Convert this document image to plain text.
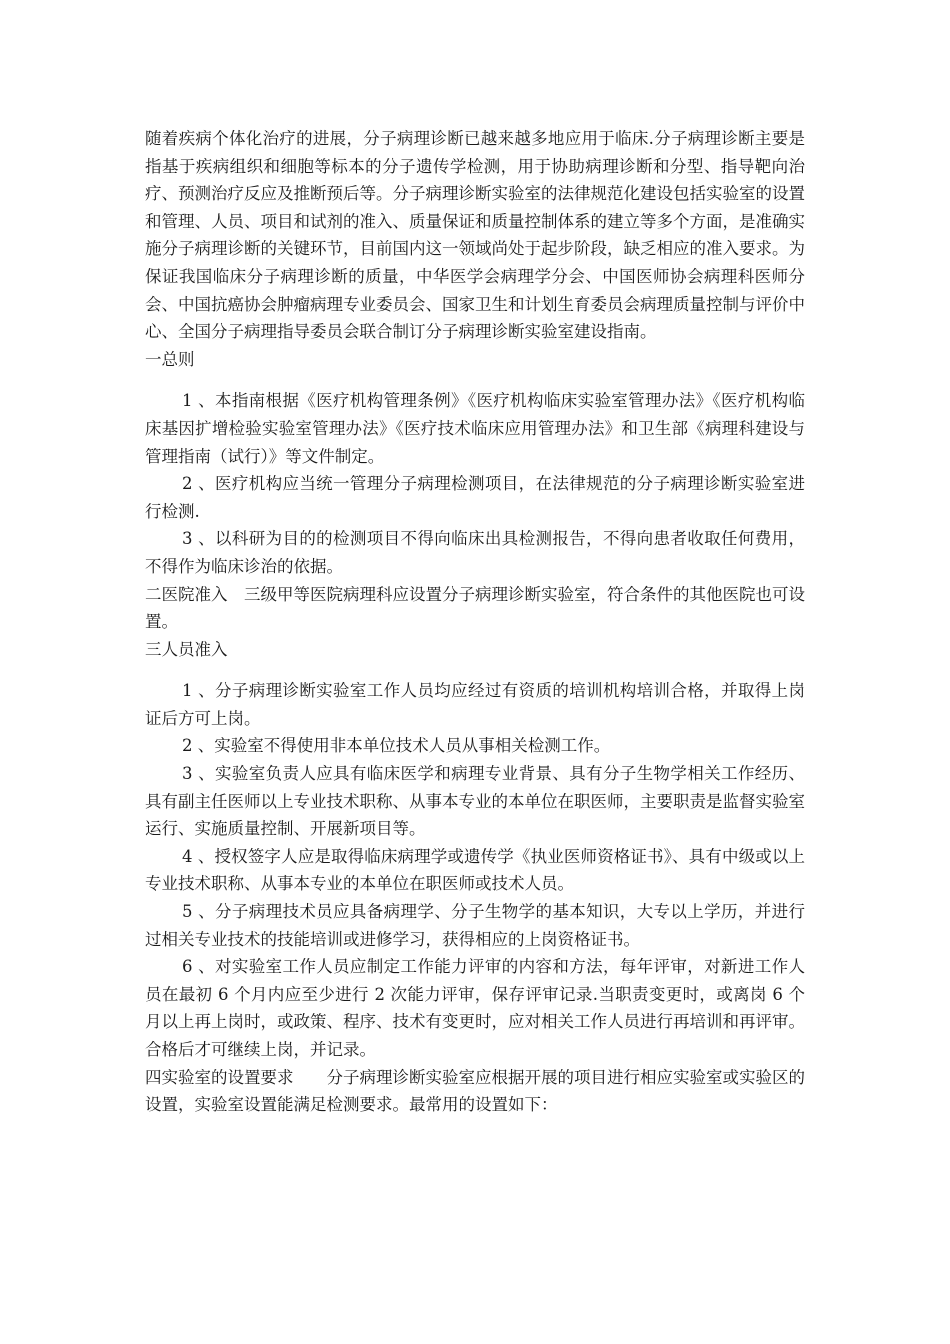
随着疾病个体化治疗的进展，分子病理诊断已越来越多地应用于临床.分子病理诊断主要是指基于疾病组织和细胞等标本的分子遗传学检测，用于协助病理诊断和分型、指导靶向治疗、预测治疗反应及推断预后等。分子病理诊断实验室的法律规范化建设包括实验室的设置和管理、人员、项目和试剂的准入、质量保证和质量控制体系的建立等多个方面，是准确实施分子病理诊断的关键环节，目前国内这一领域尚处于起步阶段，缺乏相应的准入要求。为保证我国临床分子病理诊断的质量，中华医学会病理学分会、中国医师协会病理科医师分会、中国抗癌协会肿瘤病理专业委员会、国家卫生和计划生育委员会病理质量控制与评价中心、全国分子病理指导委员会联合制订分子病理诊断实验室建设指南。

一总则

1 、本指南根据《医疗机构管理条例》《医疗机构临床实验室管理办法》《医疗机构临床基因扩增检验实验室管理办法》《医疗技术临床应用管理办法》和卫生部《病理科建设与管理指南（试行）》等文件制定。

2 、医疗机构应当统一管理分子病理检测项目，在法律规范的分子病理诊断实验室进行检测.

3 、以科研为目的的检测项目不得向临床出具检测报告，不得向患者收取任何费用，不得作为临床诊治的依据。

二医院准入　三级甲等医院病理科应设置分子病理诊断实验室，符合条件的其他医院也可设置。

三人员准入

1 、分子病理诊断实验室工作人员均应经过有资质的培训机构培训合格，并取得上岗证后方可上岗。

2 、实验室不得使用非本单位技术人员从事相关检测工作。

3 、实验室负责人应具有临床医学和病理专业背景、具有分子生物学相关工作经历、具有副主任医师以上专业技术职称、从事本专业的本单位在职医师，主要职责是监督实验室运行、实施质量控制、开展新项目等。

4 、授权签字人应是取得临床病理学或遗传学《执业医师资格证书》、具有中级或以上专业技术职称、从事本专业的本单位在职医师或技术人员。

5 、分子病理技术员应具备病理学、分子生物学的基本知识，大专以上学历，并进行过相关专业技术的技能培训或进修学习，获得相应的上岗资格证书。

6 、对实验室工作人员应制定工作能力评审的内容和方法，每年评审，对新进工作人员在最初 6 个月内应至少进行 2 次能力评审，保存评审记录.当职责变更时，或离岗 6 个月以上再上岗时，或政策、程序、技术有变更时，应对相关工作人员进行再培训和再评审。合格后才可继续上岗，并记录。

四实验室的设置要求　　分子病理诊断实验室应根据开展的项目进行相应实验室或实验区的设置，实验室设置能满足检测要求。最常用的设置如下：
